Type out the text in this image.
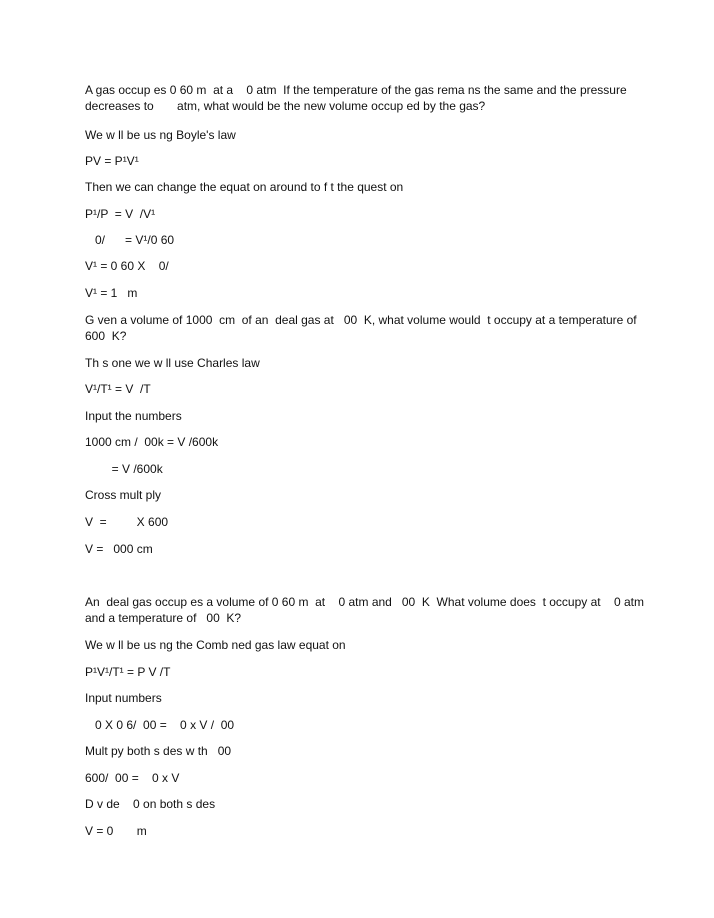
A gas occup es 0 60 m  at a    0 atm  If the temperature of the gas rema ns the same and the pressure

decreases to       atm, what would be the new volume occup ed by the gas?

We w ll be us ng Boyle's law

PV = P¹V¹

Then we can change the equat on around to f t the quest on

P¹/P  = V  /V¹

0/      = V¹/0 60

V¹ = 0 60 X    0/

V¹ = 1   m

G ven a volume of 1000  cm  of an  deal gas at   00  K, what volume would  t occupy at a temperature of

600  K?

Th s one we w ll use Charles law

V¹/T¹ = V  /T

Input the numbers

1000 cm /  00k = V /600k

= V /600k

Cross mult ply

V  =         X 600

V =   000 cm

An  deal gas occup es a volume of 0 60 m  at    0 atm and   00  K  What volume does  t occupy at    0 atm

and a temperature of   00  K?

We w ll be us ng the Comb ned gas law equat on

P¹V¹/T¹ = P V /T

Input numbers

0 X 0 6/  00 =    0 x V /  00

Mult py both s des w th   00

600/  00 =    0 x V

D v de    0 on both s des

V = 0       m
